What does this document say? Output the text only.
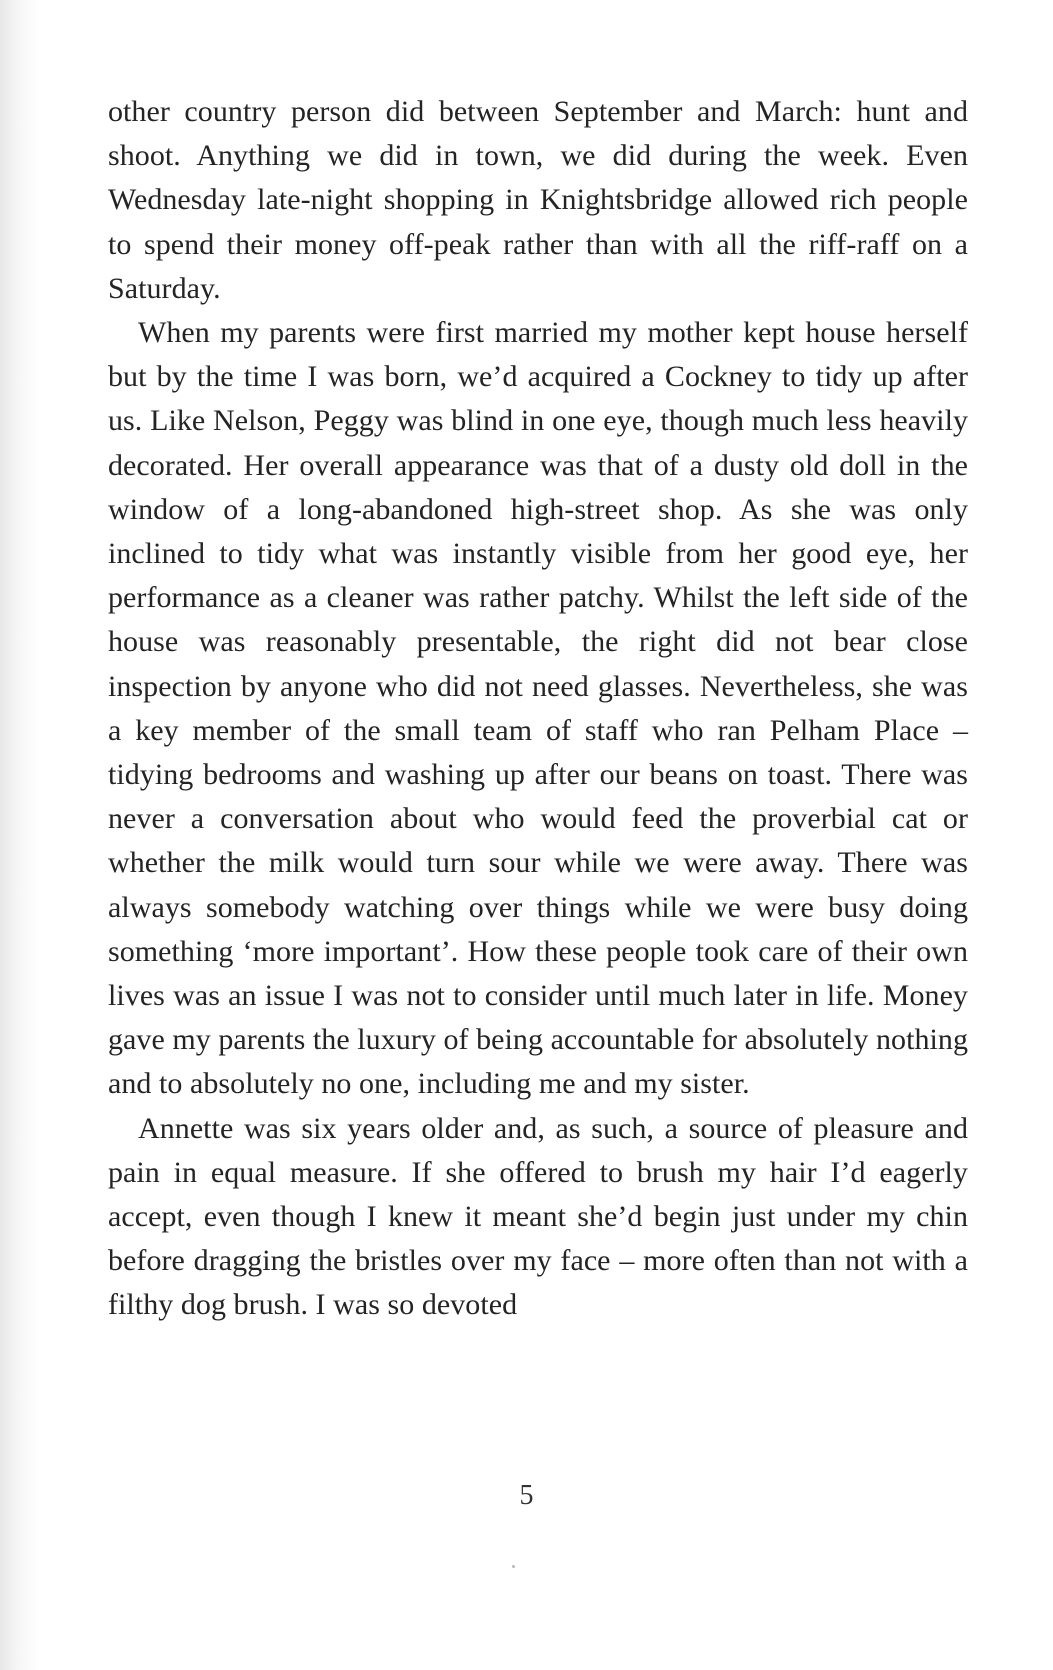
other country person did between September and March: hunt and shoot. Anything we did in town, we did during the week. Even Wednesday late-night shopping in Knightsbridge allowed rich people to spend their money off-peak rather than with all the riff-raff on a Saturday.

When my parents were first married my mother kept house herself but by the time I was born, we’d acquired a Cockney to tidy up after us. Like Nelson, Peggy was blind in one eye, though much less heavily decorated. Her overall appearance was that of a dusty old doll in the window of a long-abandoned high-street shop. As she was only inclined to tidy what was instantly visible from her good eye, her performance as a cleaner was rather patchy. Whilst the left side of the house was reasonably presentable, the right did not bear close inspection by anyone who did not need glasses. Nevertheless, she was a key member of the small team of staff who ran Pelham Place – tidying bedrooms and washing up after our beans on toast. There was never a conversation about who would feed the proverbial cat or whether the milk would turn sour while we were away. There was always somebody watching over things while we were busy doing something ‘more important’. How these people took care of their own lives was an issue I was not to consider until much later in life. Money gave my parents the luxury of being accountable for absolutely nothing and to absolutely no one, including me and my sister.

Annette was six years older and, as such, a source of pleasure and pain in equal measure. If she offered to brush my hair I’d eagerly accept, even though I knew it meant she’d begin just under my chin before dragging the bristles over my face – more often than not with a filthy dog brush. I was so devoted

5
